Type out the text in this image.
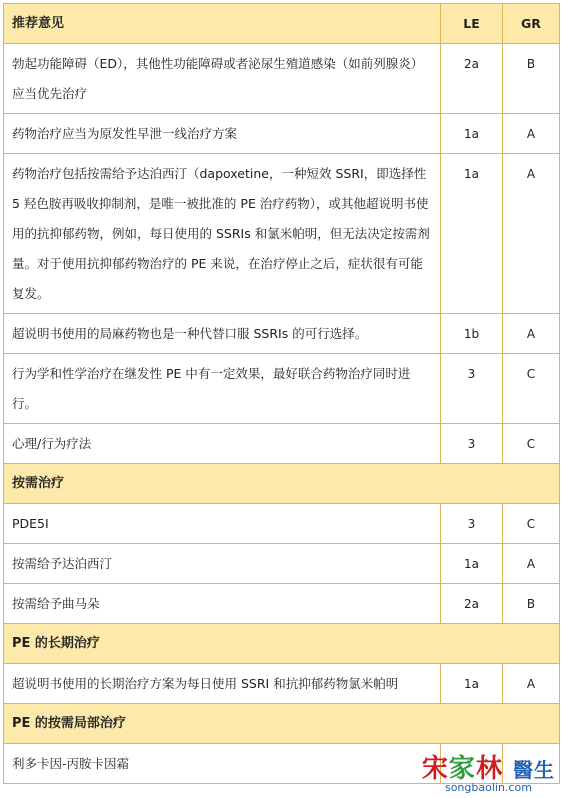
推荐意见	LE	GR
勃起功能障碍（ED），其他性功能障碍或者泌尿生殖道感染（如前列腺炎）应当优先治疗	2a	B
药物治疗应当为原发性早泄一线治疗方案	1a	A
药物治疗包括按需给予达泊西汀（dapoxetine，一种短效 SSRI，即选择性 5 羟色胺再吸收抑制剂，是唯一被批准的 PE 治疗药物），或其他超说明书使用的抗抑郁药物，例如，每日使用的 SSRIs 和氯米帕明，但无法决定按需剂量。对于使用抗抑郁药物治疗的 PE 来说，在治疗停止之后，症状很有可能复发。	1a	A
超说明书使用的局麻药物也是一种代替口服 SSRIs 的可行选择。	1b	A
行为学和性学治疗在继发性 PE 中有一定效果，最好联合药物治疗同时进行。	3	C
心理/行为疗法	3	C
按需治疗		
PDE5I	3	C
按需给予达泊西汀	1a	A
按需给予曲马朵	2a	B
PE 的长期治疗		
超说明书使用的长期治疗方案为每日使用 SSRI 和抗抑郁药物氯米帕明	1a	A
PE 的按需局部治疗		
利多卡因-丙胺卡因霜			宋家林 醫生
songbaolin.com
